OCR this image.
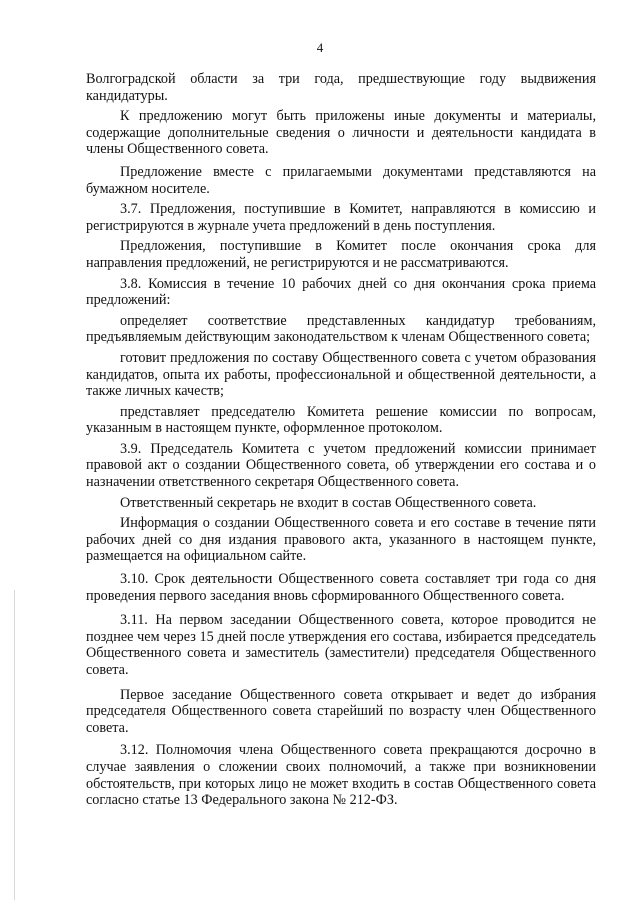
4

Волгоградской области за три года, предшествующие году выдвижения кандидатуры.

К предложению могут быть приложены иные документы и материалы, содержащие дополнительные сведения о личности и деятельности кандидата в члены Общественного совета.

Предложение вместе с прилагаемыми документами представляются на бумажном носителе.

3.7. Предложения, поступившие в Комитет, направляются в комиссию и регистрируются в журнале учета предложений в день поступления.

Предложения, поступившие в Комитет после окончания срока для направления предложений, не регистрируются и не рассматриваются.

3.8. Комиссия в течение 10 рабочих дней со дня окончания срока приема предложений:

определяет соответствие представленных кандидатур требованиям, предъявляемым действующим законодательством к членам Общественного совета;

готовит предложения по составу Общественного совета с учетом образования кандидатов, опыта их работы, профессиональной и общественной деятельности, а также личных качеств;

представляет председателю Комитета решение комиссии по вопросам, указанным в настоящем пункте, оформленное протоколом.

3.9. Председатель Комитета с учетом предложений комиссии принимает правовой акт о создании Общественного совета, об утверждении его состава и о назначении ответственного секретаря Общественного совета.

Ответственный секретарь не входит в состав Общественного совета.

Информация о создании Общественного совета и его составе в течение пяти рабочих дней со дня издания правового акта, указанного в настоящем пункте, размещается на официальном сайте.

3.10. Срок деятельности Общественного совета составляет три года со дня проведения первого заседания вновь сформированного Общественного совета.

3.11. На первом заседании Общественного совета, которое проводится не позднее чем через 15 дней после утверждения его состава, избирается председатель Общественного совета и заместитель (заместители) председателя Общественного совета.

Первое заседание Общественного совета открывает и ведет до избрания председателя Общественного совета старейший по возрасту член Общественного совета.

3.12. Полномочия члена Общественного совета прекращаются досрочно в случае заявления о сложении своих полномочий, а также при возникновении обстоятельств, при которых лицо не может входить в состав Общественного совета согласно статье 13 Федерального закона № 212-ФЗ.
